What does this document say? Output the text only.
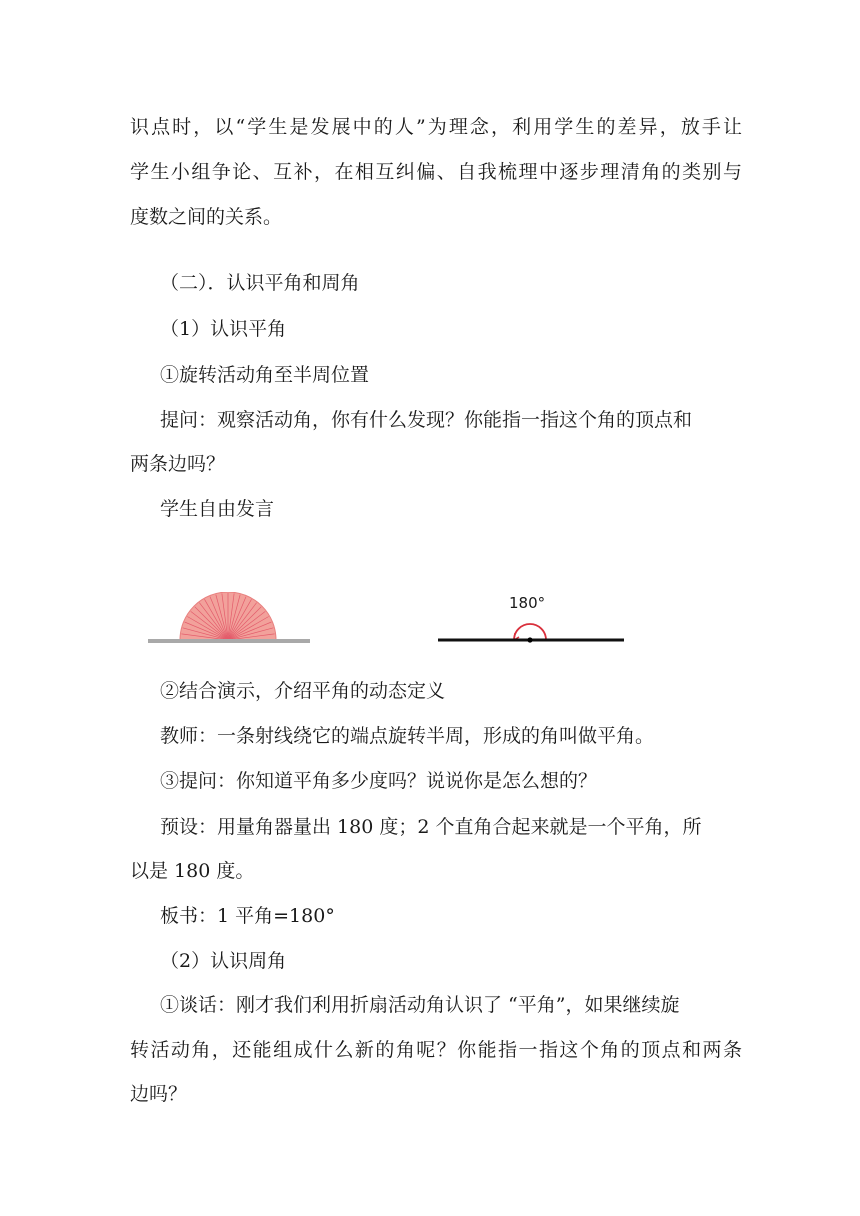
识点时，以“学生是发展中的人”为理念，利用学生的差异，放手让
学生小组争论、互补，在相互纠偏、自我梳理中逐步理清角的类别与
度数之间的关系。
（二）．认识平角和周角
（1）认识平角
①旋转活动角至半周位置
提问：观察活动角，你有什么发现？你能指一指这个角的顶点和
两条边吗？
学生自由发言
180°
②结合演示，介绍平角的动态定义
教师：一条射线绕它的端点旋转半周，形成的角叫做平角。
③提问：你知道平角多少度吗？说说你是怎么想的？
预设：用量角器量出 180 度；2 个直角合起来就是一个平角，所
以是 180 度。
板书：1 平角=180°
（2）认识周角
①谈话：刚才我们利用折扇活动角认识了 “平角”，如果继续旋
转活动角，还能组成什么新的角呢？你能指一指这个角的顶点和两条
边吗？
